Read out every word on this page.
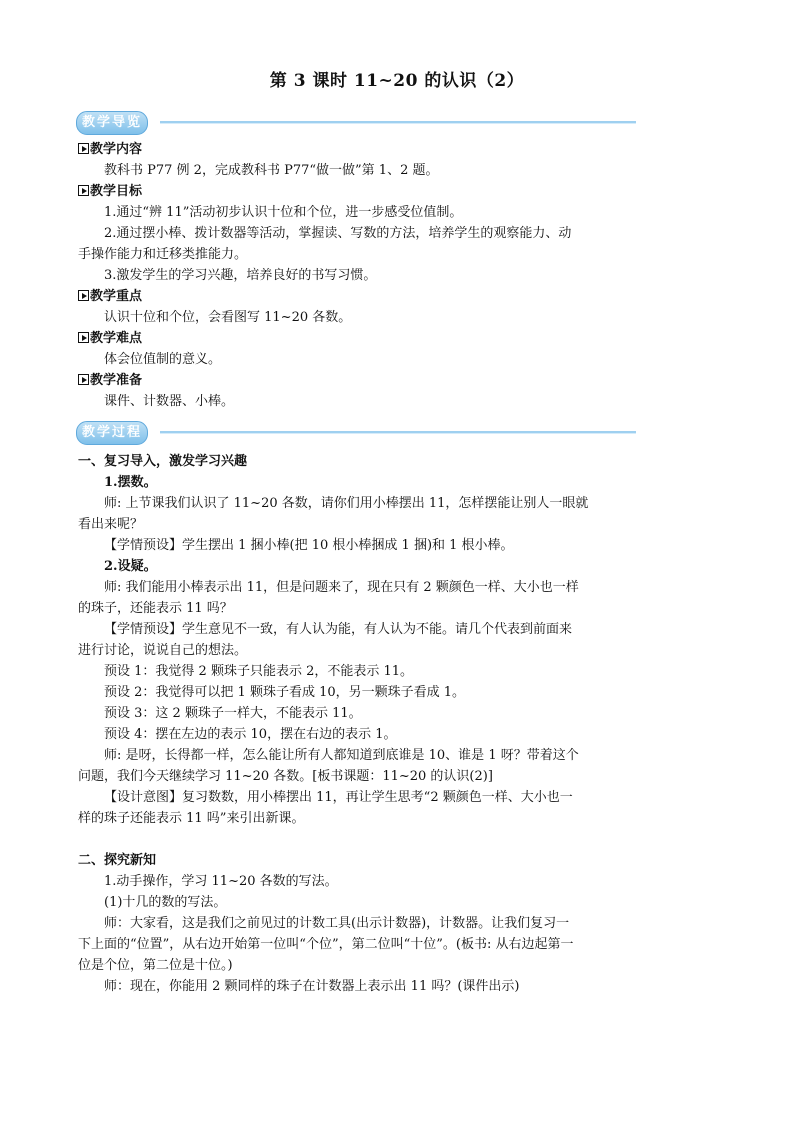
第 3 课时 11~20 的认识（2）
教学导览
教学内容
教科书 P77 例 2，完成教科书 P77“做一做”第 1、2 题。
教学目标
1.通过“辨 11”活动初步认识十位和个位，进一步感受位值制。
2.通过摆小棒、拨计数器等活动，掌握读、写数的方法，培养学生的观察能力、动
手操作能力和迁移类推能力。
3.激发学生的学习兴趣，培养良好的书写习惯。
教学重点
认识十位和个位，会看图写 11~20 各数。
教学难点
体会位值制的意义。
教学准备
课件、计数器、小棒。
教学过程
一、复习导入，激发学习兴趣
1.摆数。
师: 上节课我们认识了 11~20 各数，请你们用小棒摆出 11，怎样摆能让别人一眼就
看出来呢？
【学情预设】学生摆出 1 捆小棒(把 10 根小棒捆成 1 捆)和 1 根小棒。
2.设疑。
师: 我们能用小棒表示出 11，但是问题来了，现在只有 2 颗颜色一样、大小也一样
的珠子，还能表示 11 吗？
【学情预设】学生意见不一致，有人认为能，有人认为不能。请几个代表到前面来
进行讨论，说说自己的想法。
预设 1：我觉得 2 颗珠子只能表示 2，不能表示 11。
预设 2：我觉得可以把 1 颗珠子看成 10，另一颗珠子看成 1。
预设 3：这 2 颗珠子一样大，不能表示 11。
预设 4：摆在左边的表示 10，摆在右边的表示 1。
师: 是呀，长得都一样，怎么能让所有人都知道到底谁是 10、谁是 1 呀？带着这个
问题，我们今天继续学习 11~20 各数。[板书课题：11~20 的认识(2)]
【设计意图】复习数数，用小棒摆出 11，再让学生思考“2 颗颜色一样、大小也一
样的珠子还能表示 11 吗”来引出新课。
二、探究新知
1.动手操作，学习 11~20 各数的写法。
(1)十几的数的写法。
师：大家看，这是我们之前见过的计数工具(出示计数器)，计数器。让我们复习一
下上面的“位置”，从右边开始第一位叫“个位”，第二位叫“十位”。(板书: 从右边起第一
位是个位，第二位是十位。)
师：现在，你能用 2 颗同样的珠子在计数器上表示出 11 吗？(课件出示)
